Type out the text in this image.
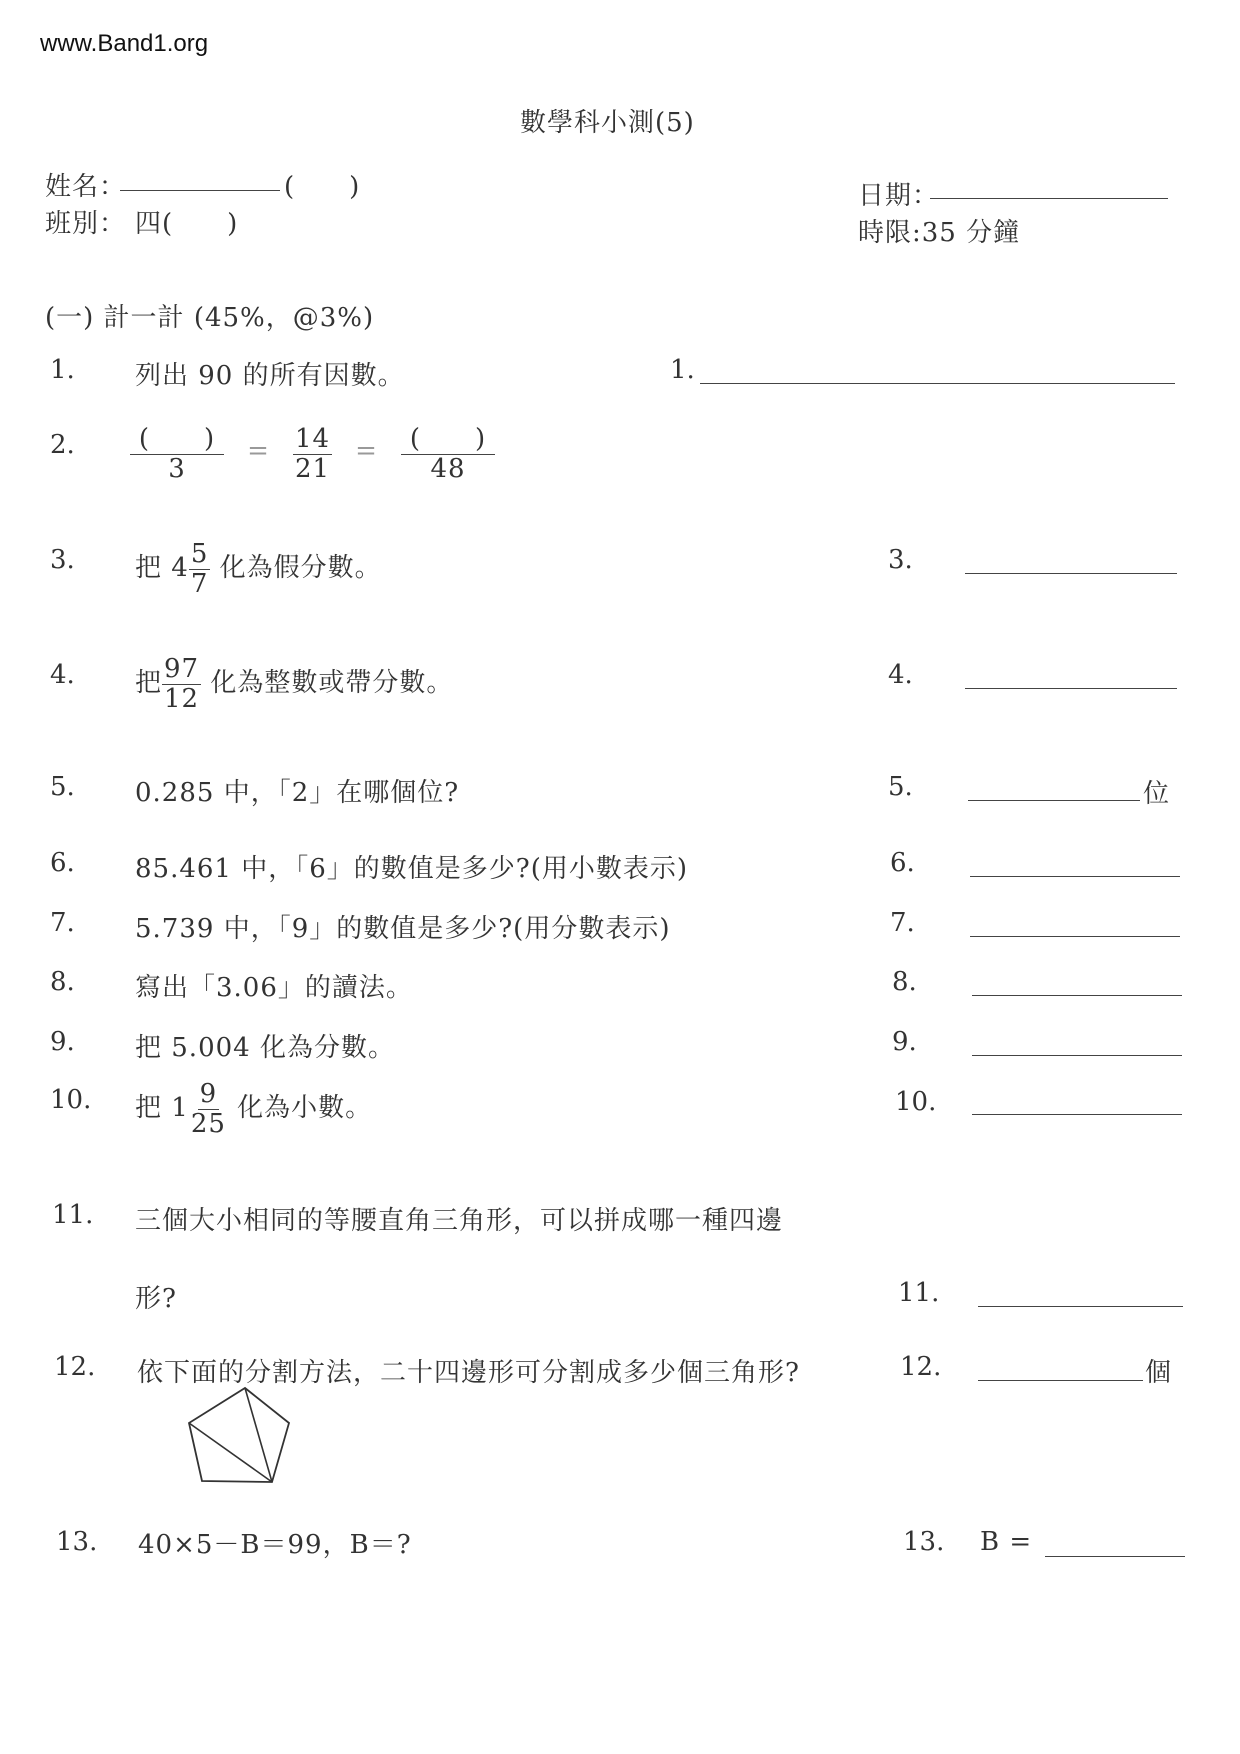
www.Band1.org
數學科小測(5)
姓名：	(　　)
班別： 四(　　)
日期：
時限:35 分鐘
(一) 計一計 (45%，@3%)
1. 列出 90 的所有因數。	1.
2. $\frac{( )}{3} = \frac{14}{21} = \frac{( )}{48}$
3. 把 $4 \frac{5}{7}$ 化為假分數。	3.
4. 把 $\frac{97}{12}$ 化為整數或帶分數。	4.
5. 0.285 中，「2」在哪個位?	5.	位
6. 85.461 中，「6」的數值是多少?(用小數表示)	6.
7. 5.739 中，「9」的數值是多少?(用分數表示)	7.
8. 寫出「3.06」的讀法。	8.
9. 把 5.004 化為分數。	9.
10. 把 $1 \frac{9}{25}$ 化為小數。	10.
11. 三個大小相同的等腰直角三角形，可以拼成哪一種四邊
形?	11.
12. 依下面的分割方法，二十四邊形可分割成多少個三角形?	12.	個
13. 40×5－B＝99，B＝?	13. B =
